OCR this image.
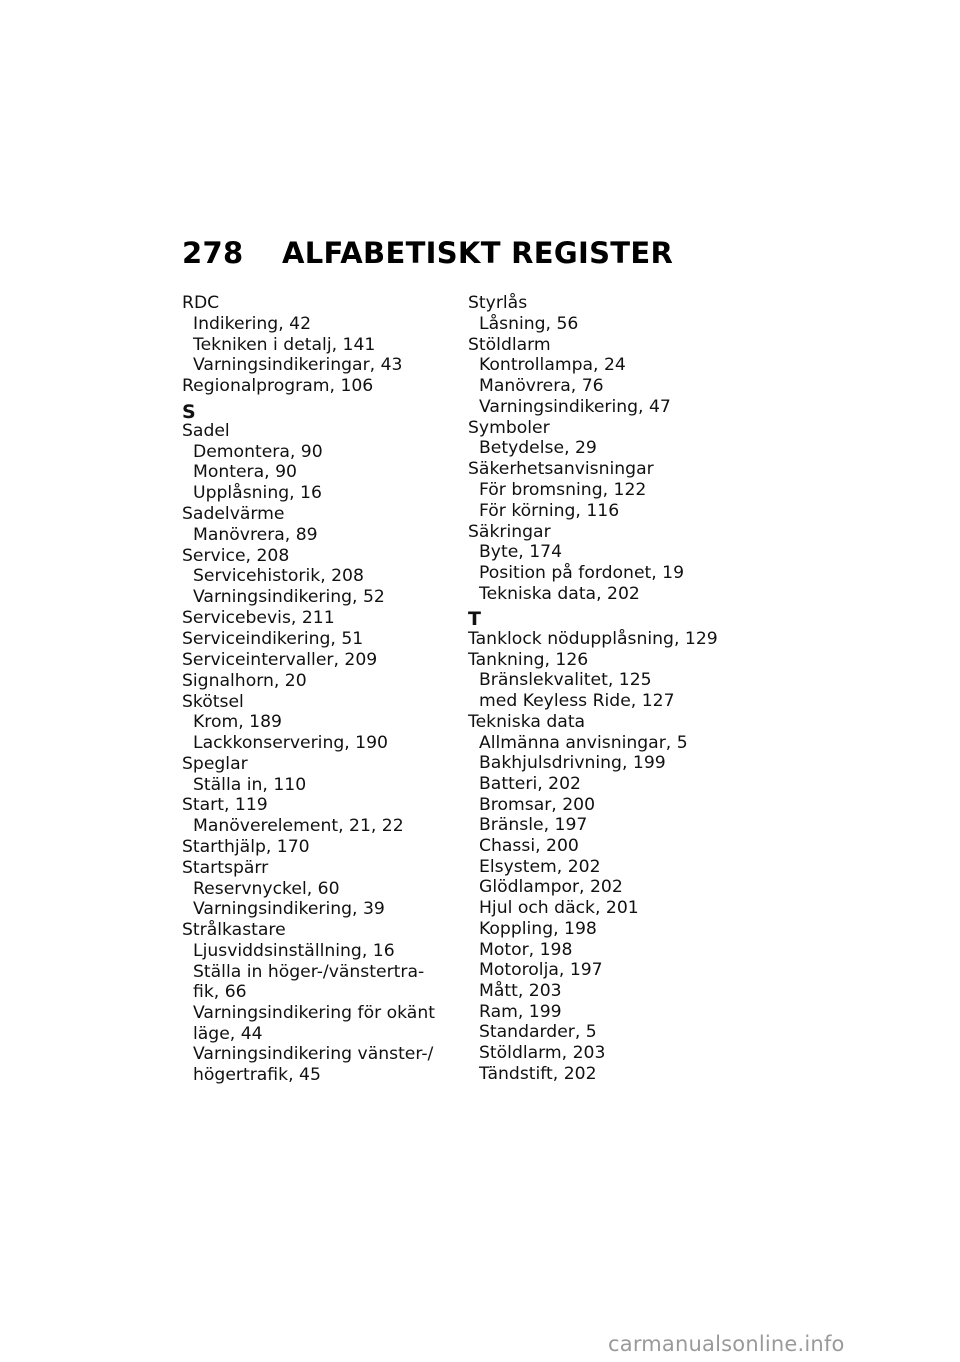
278 ALFABETISKT REGISTER
RDC
Indikering, 42
Tekniken i detalj, 141
Varningsindikeringar, 43
Regionalprogram, 106
S
Sadel
Demontera, 90
Montera, 90
Upplåsning, 16
Sadelvärme
Manövrera, 89
Service, 208
Servicehistorik, 208
Varningsindikering, 52
Servicebevis, 211
Serviceindikering, 51
Serviceintervaller, 209
Signalhorn, 20
Skötsel
Krom, 189
Lackkonservering, 190
Speglar
Ställa in, 110
Start, 119
Manöverelement, 21, 22
Starthjälp, 170
Startspärr
Reservnyckel, 60
Varningsindikering, 39
Strålkastare
Ljusviddsinställning, 16
Ställa in höger-/vänstertra-
fik, 66
Varningsindikering för okänt
läge, 44
Varningsindikering vänster-/
högertrafik, 45
Styrlås
Låsning, 56
Stöldlarm
Kontrollampa, 24
Manövrera, 76
Varningsindikering, 47
Symboler
Betydelse, 29
Säkerhetsanvisningar
För bromsning, 122
För körning, 116
Säkringar
Byte, 174
Position på fordonet, 19
Tekniska data, 202
T
Tanklock nödupplåsning, 129
Tankning, 126
Bränslekvalitet, 125
med Keyless Ride, 127
Tekniska data
Allmänna anvisningar, 5
Bakhjulsdrivning, 199
Batteri, 202
Bromsar, 200
Bränsle, 197
Chassi, 200
Elsystem, 202
Glödlampor, 202
Hjul och däck, 201
Koppling, 198
Motor, 198
Motorolja, 197
Mått, 203
Ram, 199
Standarder, 5
Stöldlarm, 203
Tändstift, 202
carmanualsonline.info
